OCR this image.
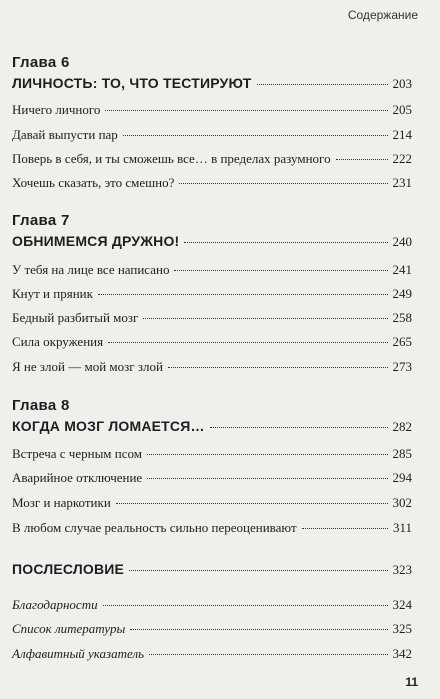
Содержание
Глава 6
ЛИЧНОСТЬ: ТО, ЧТО ТЕСТИРУЮТ	203
Ничего личного	205
Давай выпусти пар	214
Поверь в себя, и ты сможешь все… в пределах разумного	222
Хочешь сказать, это смешно?	231
Глава 7
ОБНИМЕМСЯ ДРУЖНО!	240
У тебя на лице все написано	241
Кнут и пряник	249
Бедный разбитый мозг	258
Сила окружения	265
Я не злой — мой мозг злой	273
Глава 8
КОГДА МОЗГ ЛОМАЕТСЯ…	282
Встреча с черным псом	285
Аварийное отключение	294
Мозг и наркотики	302
В любом случае реальность сильно переоценивают	311
ПОСЛЕСЛОВИЕ	323
Благодарности	324
Список литературы	325
Алфавитный указатель	342
11
